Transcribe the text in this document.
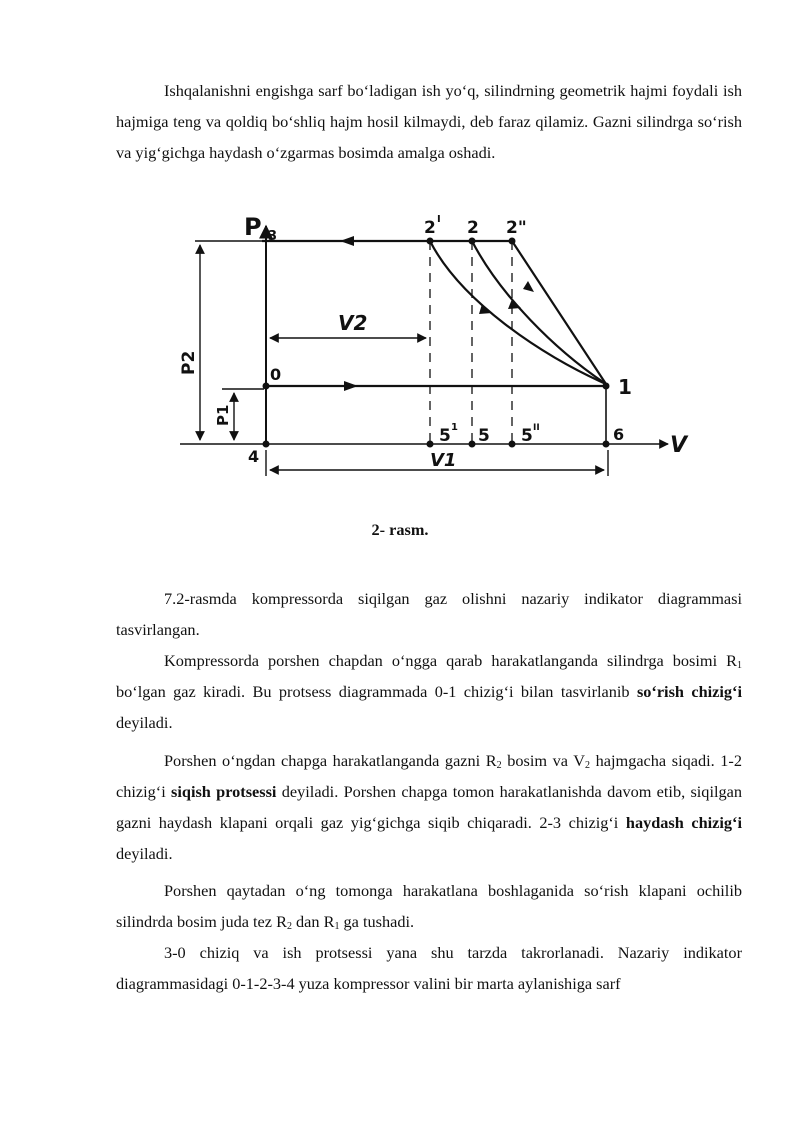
Ishqalanishni engishga sarf bo‘ladigan ish yo‘q, silindrning geometrik hajmi foydali ish hajmiga teng va qoldiq bo‘shliq hajm hosil kilmaydi, deb faraz qilamiz. Gazni silindrga so‘rish va yig‘gichga haydash o‘zgarmas bosimda amalga oshadi.

P
V
3
0
4
1
6
2 I 2 2"
5 1 5 5 II
V2
V1
P2
P1
2- rasm.

7.2-rasmda kompressorda siqilgan gaz olishni nazariy indikator diagrammasi tasvirlangan.

Kompressorda porshen chapdan o‘ngga qarab harakatlanganda silindrga bosimi $R_1$ bo‘lgan gaz kiradi. Bu protsess diagrammada 0-1 chizig‘i bilan tasvirlanib so‘rish chizig‘i deyiladi.

Porshen o‘ngdan chapga harakatlanganda gazni $R_2$ bosim va $V_2$ hajmgacha siqadi. 1-2 chizig‘i siqish protsessi deyiladi. Porshen chapga tomon harakatlanishda davom etib, siqilgan gazni haydash klapani orqali gaz yig‘gichga siqib chiqaradi. 2-3 chizig‘i haydash chizig‘i deyiladi.

Porshen qaytadan o‘ng tomonga harakatlana boshlaganida so‘rish klapani ochilib silindrda bosim juda tez $R_2$ dan $R_1$ ga tushadi.

3-0 chiziq va ish protsessi yana shu tarzda takrorlanadi. Nazariy indikator diagrammasidagi 0-1-2-3-4 yuza kompressor valini bir marta aylanishiga sarf
